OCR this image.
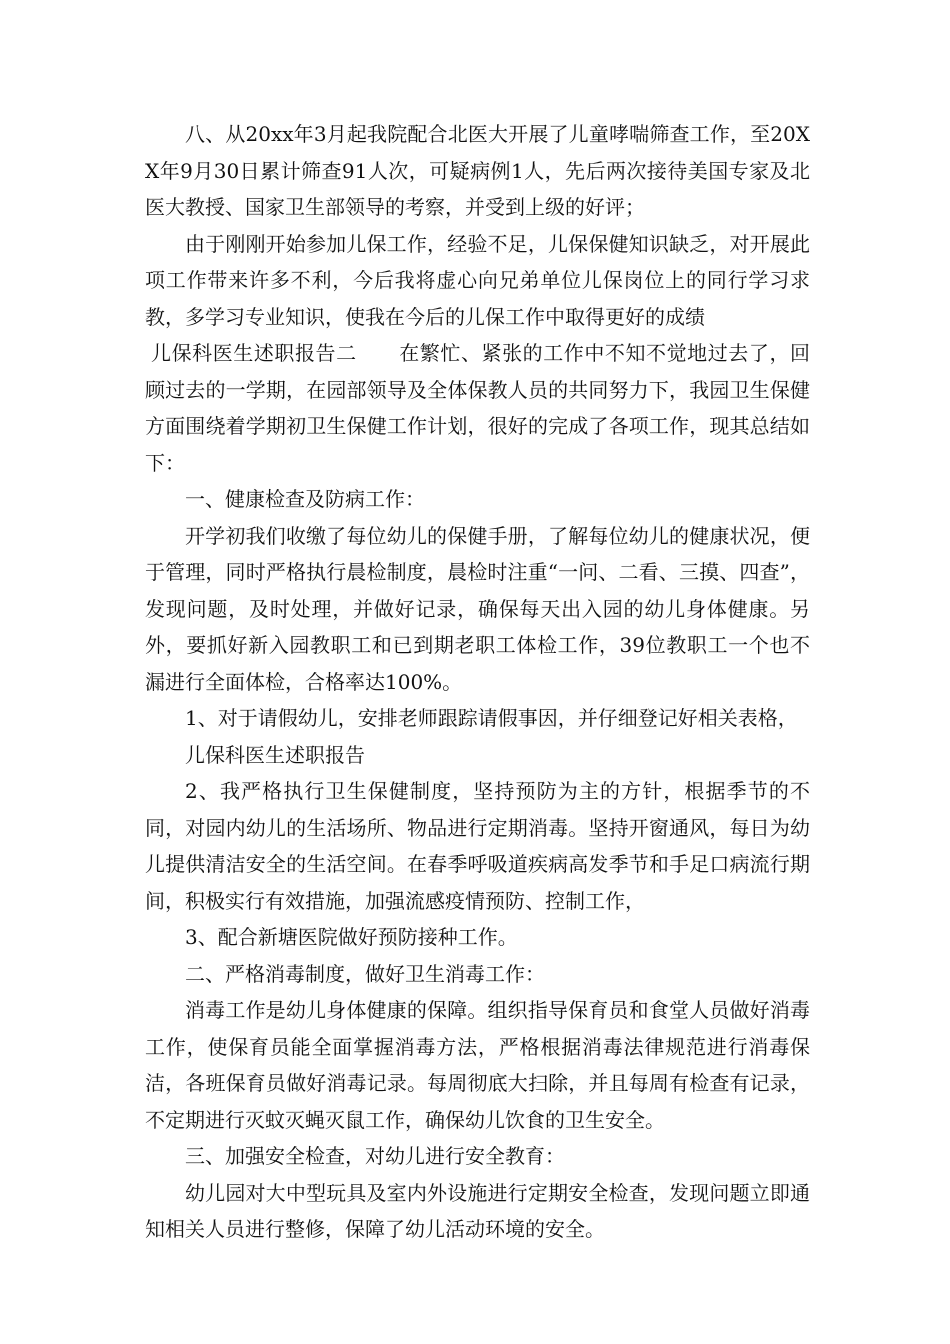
八、从20xx年3月起我院配合北医大开展了儿童哮喘筛查工作，至20XX年9月30日累计筛查91人次，可疑病例1人，先后两次接待美国专家及北医大教授、国家卫生部领导的考察，并受到上级的好评；

由于刚刚开始参加儿保工作，经验不足，儿保保健知识缺乏，对开展此项工作带来许多不利，今后我将虚心向兄弟单位儿保岗位上的同行学习求教，多学习专业知识，使我在今后的儿保工作中取得更好的成绩

儿保科医生述职报告二 在繁忙、紧张的工作中不知不觉地过去了，回顾过去的一学期，在园部领导及全体保教人员的共同努力下，我园卫生保健方面围绕着学期初卫生保健工作计划，很好的完成了各项工作，现其总结如下：

一、健康检查及防病工作：

开学初我们收缴了每位幼儿的保健手册，了解每位幼儿的健康状况，便于管理，同时严格执行晨检制度，晨检时注重“一问、二看、三摸、四查”，发现问题，及时处理，并做好记录，确保每天出入园的幼儿身体健康。另外，要抓好新入园教职工和已到期老职工体检工作，39位教职工一个也不漏进行全面体检，合格率达100%。

1、对于请假幼儿，安排老师跟踪请假事因，并仔细登记好相关表格，

儿保科医生述职报告

2、我严格执行卫生保健制度，坚持预防为主的方针，根据季节的不同，对园内幼儿的生活场所、物品进行定期消毒。坚持开窗通风，每日为幼儿提供清洁安全的生活空间。在春季呼吸道疾病高发季节和手足口病流行期间，积极实行有效措施，加强流感疫情预防、控制工作，

3、配合新塘医院做好预防接种工作。

二、严格消毒制度，做好卫生消毒工作：

消毒工作是幼儿身体健康的保障。组织指导保育员和食堂人员做好消毒工作，使保育员能全面掌握消毒方法，严格根据消毒法律规范进行消毒保洁，各班保育员做好消毒记录。每周彻底大扫除，并且每周有检查有记录，不定期进行灭蚊灭蝇灭鼠工作，确保幼儿饮食的卫生安全。

三、加强安全检查，对幼儿进行安全教育：

幼儿园对大中型玩具及室内外设施进行定期安全检查，发现问题立即通知相关人员进行整修，保障了幼儿活动环境的安全。
